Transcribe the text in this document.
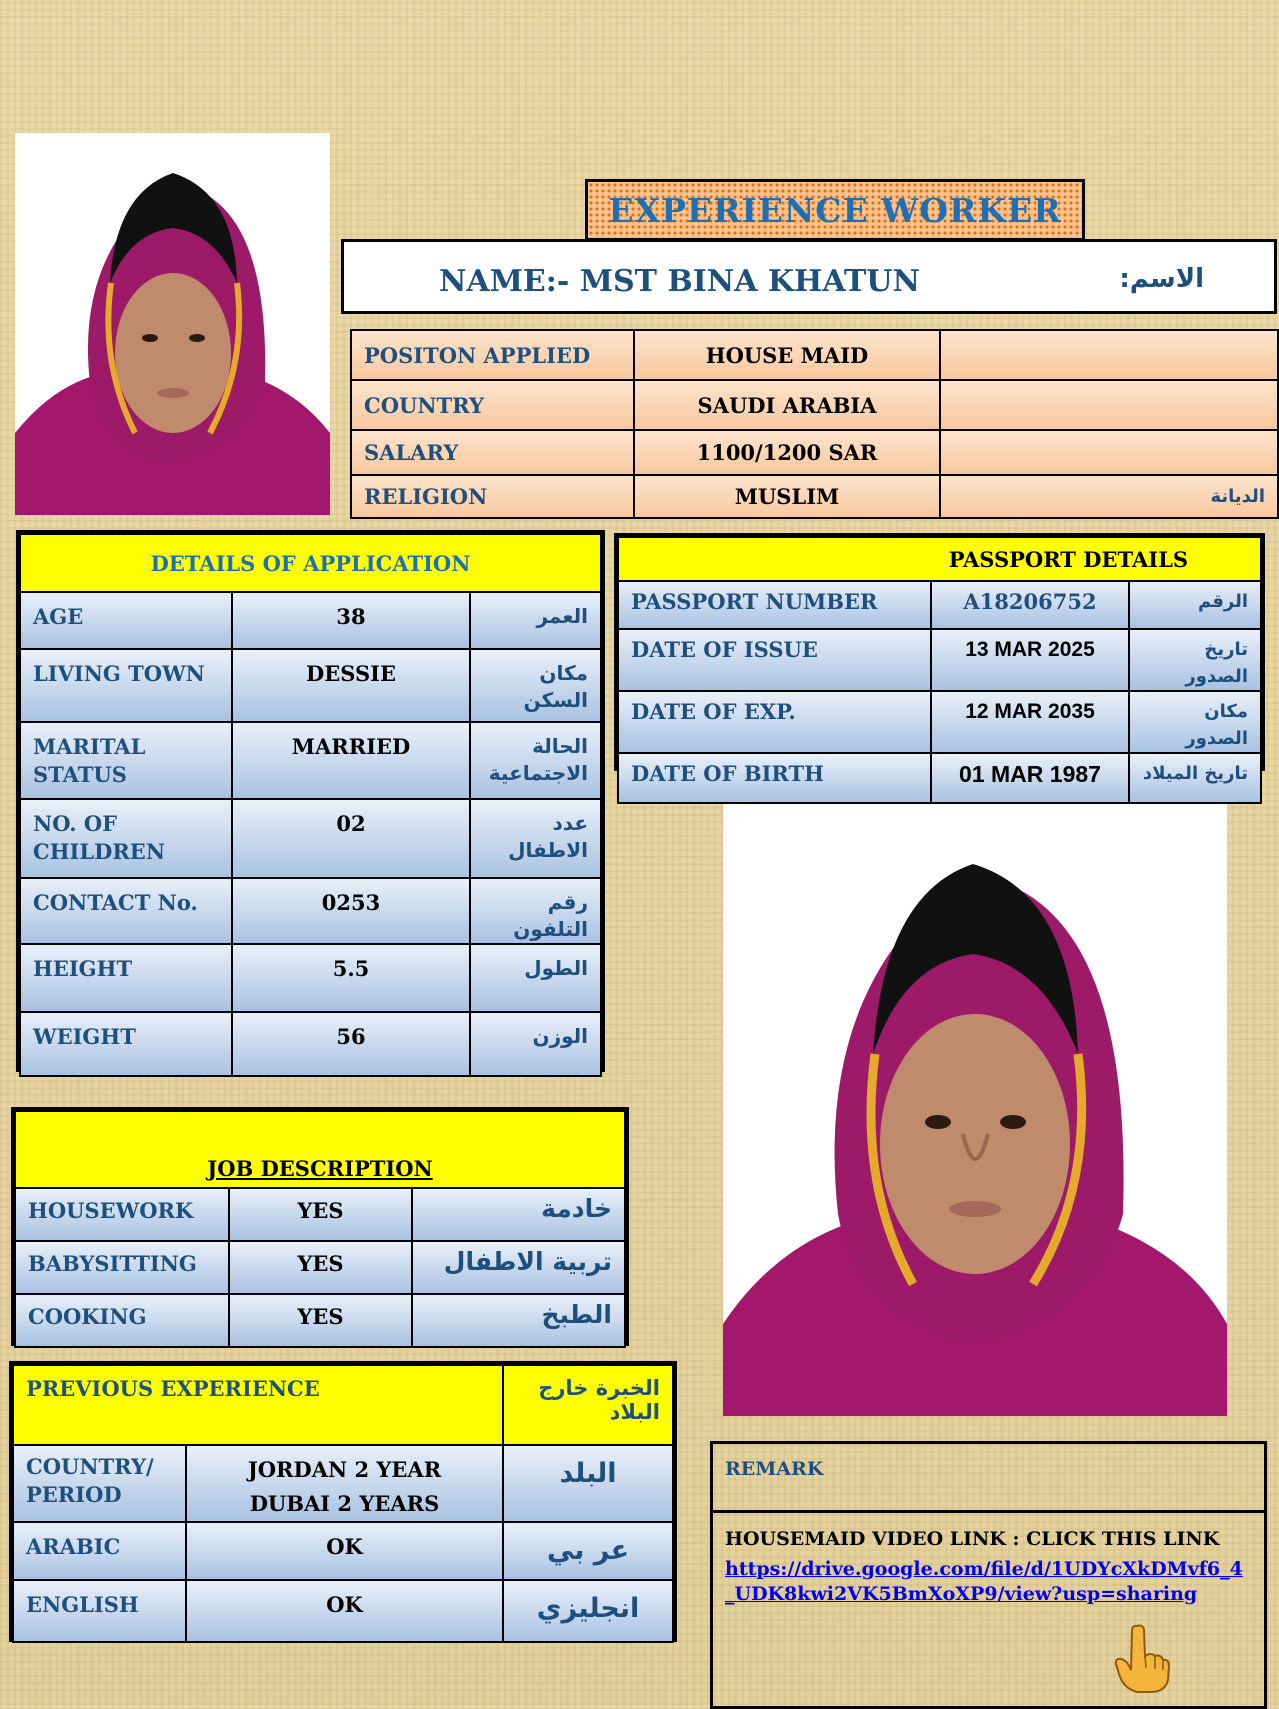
EXPERIENCE WORKER
NAME:- MST BINA KHATUN	:الاسم
POSITON APPLIED	HOUSE MAID	
COUNTRY	SAUDI ARABIA	
SALARY	1100/1200 SAR	
RELIGION	MUSLIM	الديانة
DETAILS OF APPLICATION		
AGE	38	العمر
LIVING TOWN	DESSIE	مكان السكن
MARITAL STATUS	MARRIED	الحالة الاجتماعية
NO. OF CHILDREN	02	عدد الاطفال
CONTACT No.	0253	رقم التلفون
HEIGHT	5.5	الطول
WEIGHT	56	الوزن
PASSPORT DETAILS		
PASSPORT NUMBER	A18206752	الرقم
DATE OF ISSUE	13 MAR 2025	تاريخ الصدور
DATE OF EXP.	12 MAR 2035	مكان الصدور
DATE OF BIRTH	01 MAR 1987	تاريخ الميلاد
JOB DESCRIPTION		
HOUSEWORK	YES	خادمة
BABYSITTING	YES	تربية الاطفال
COOKING	YES	الطبخ
PREVIOUS EXPERIENCE		الخبرة خارج البلاد
COUNTRY/ PERIOD	JORDAN 2 YEAR DUBAI 2 YEARS	البلد
ARABIC	OK	عر بي
ENGLISH	OK	انجليزي
REMARK
HOUSEMAID VIDEO LINK : CLICK THIS LINK
https://drive.google.com/file/d/1UDYcXkDMvf6_4_UDK8kwi2VK5BmXoXP9/view?usp=sharing
